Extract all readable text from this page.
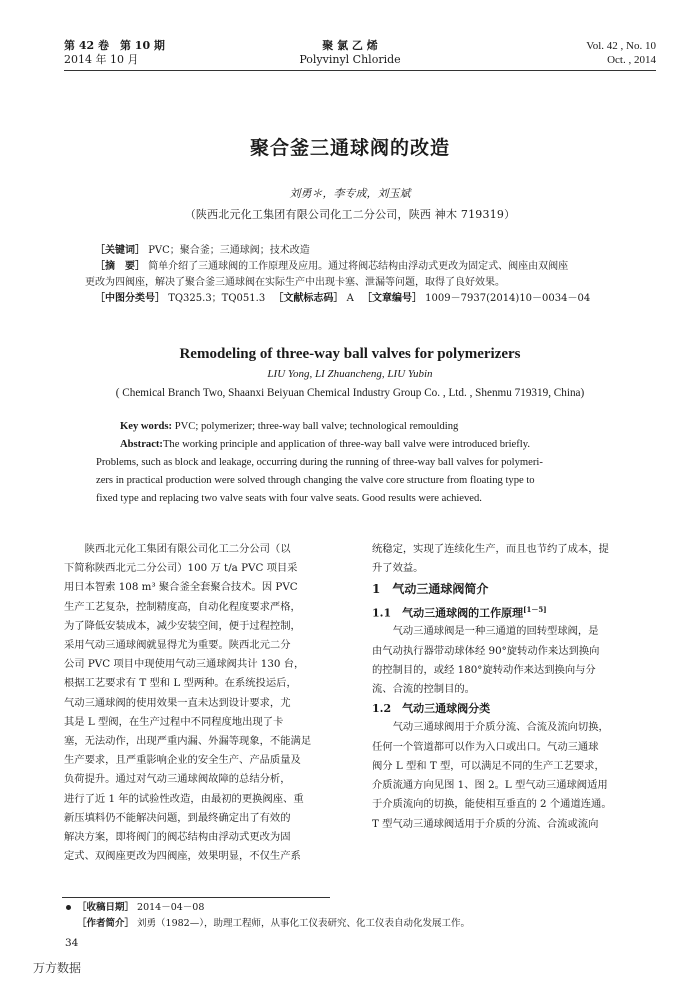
第 42 卷　第 10 期
2014 年 10 月
聚 氯 乙 烯
Polyvinyl Chloride
Vol. 42 , No. 10
Oct. , 2014
聚合釜三通球阀的改造
刘勇＊，李专成，刘玉斌
（陕西北元化工集团有限公司化工二分公司，陕西 神木 719319）
［关键词］ PVC；聚合釜；三通球阀；技术改造
［摘　要］ 简单介绍了三通球阀的工作原理及应用。通过将阀芯结构由浮动式更改为固定式、阀座由双阀座
更改为四阀座，解决了聚合釜三通球阀在实际生产中出现卡塞、泄漏等问题，取得了良好效果。
［中图分类号］ TQ325.3；TQ051.3 　 ［文献标志码］ A 　 ［文章编号］ 1009－7937(2014)10－0034－04
Remodeling of three-way ball valves for polymerizers
LIU Yong, LI Zhuancheng, LIU Yubin
( Chemical Branch Two, Shaanxi Beiyuan Chemical Industry Group Co. , Ltd. , Shenmu 719319, China)
Key words: PVC; polymerizer; three-way ball valve; technological remoulding
Abstract:The working principle and application of three-way ball valve were introduced briefly.
Problems, such as block and leakage, occurring during the running of three-way ball valves for polymeri-
zers in practical production were solved through changing the valve core structure from floating type to
fixed type and replacing two valve seats with four valve seats. Good results were achieved.
陕西北元化工集团有限公司化工二分公司（以
下简称陕西北元二分公司）100 万 t/a PVC 项目采
用日本智索 108 m³ 聚合釜全套聚合技术。因 PVC
生产工艺复杂，控制精度高，自动化程度要求严格，
为了降低安装成本，减少安装空间，便于过程控制，
采用气动三通球阀就显得尤为重要。陕西北元二分
公司 PVC 项目中现使用气动三通球阀共计 130 台，
根据工艺要求有 T 型和 L 型两种。在系统投运后，
气动三通球阀的使用效果一直未达到设计要求，尤
其是 L 型阀，在生产过程中不同程度地出现了卡
塞，无法动作，出现严重内漏、外漏等现象，不能满足
生产要求，且严重影响企业的安全生产、产品质量及
负荷提升。通过对气动三通球阀故障的总结分析，
进行了近 1 年的试验性改造，由最初的更换阀座、重
新压填料仍不能解决问题，到最终确定出了有效的
解决方案，即将阀门的阀芯结构由浮动式更改为固
定式、双阀座更改为四阀座，效果明显，不仅生产系
统稳定，实现了连续化生产，而且也节约了成本，提
升了效益。
1　气动三通球阀简介
1.1　气动三通球阀的工作原理[1－5]
气动三通球阀是一种三通道的回转型球阀，是
由气动执行器带动球体经 90°旋转动作来达到换向
的控制目的，或经 180°旋转动作来达到换向与分
流、合流的控制目的。
1.2　气动三通球阀分类
气动三通球阀用于介质分流、合流及流向切换，
任何一个管道都可以作为入口或出口。气动三通球
阀分 L 型和 T 型，可以满足不同的生产工艺要求，
介质流通方向见图 1、图 2。L 型气动三通球阀适用
于介质流向的切换，能使相互垂直的 2 个通道连通。
T 型气动三通球阀适用于介质的分流、合流或流向
［收稿日期］ 2014－04－08
［作者简介］ 刘勇（1982—），助理工程师，从事化工仪表研究、化工仪表自动化发展工作。
34
万方数据
